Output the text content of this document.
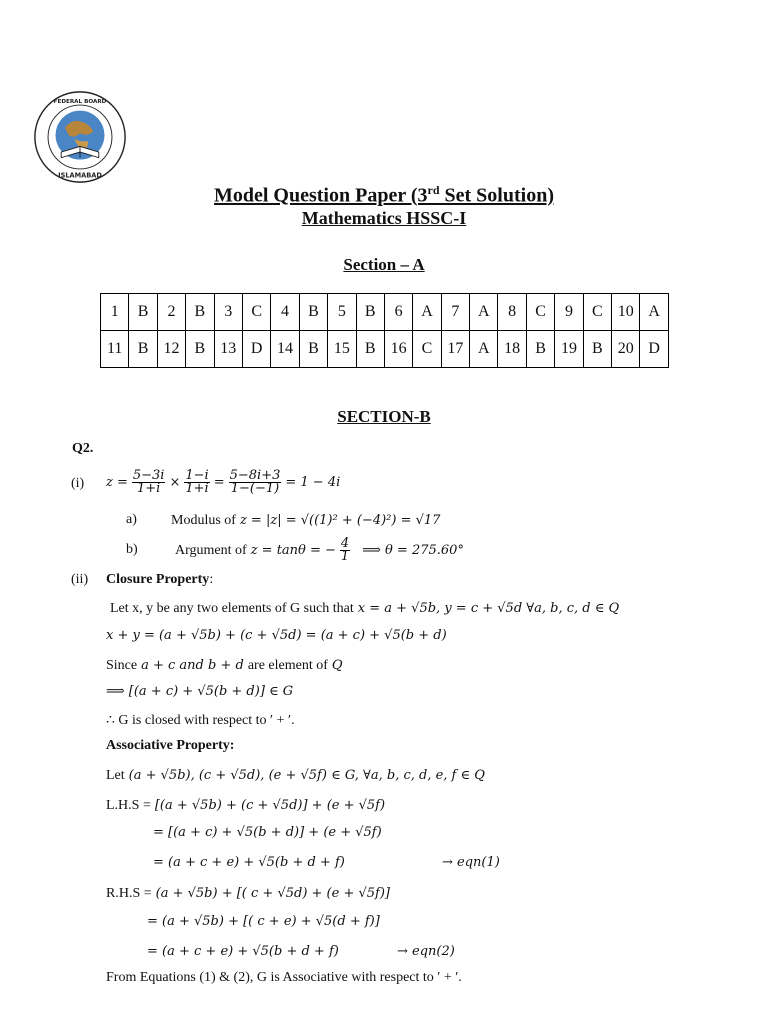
FEDERAL BOARD
ISLAMABAD
Model Question Paper (3rd Set Solution)
Mathematics HSSC-I
Section – A
1	B	2	B	3	C	4	B	5	B	6	A	7	A	8	C	9	C	10	A
11	B	12	B	13	D	14	B	15	B	16	C	17	A	18	B	19	B	20	D
SECTION-B
Q2.
(i) $z = \frac{5-3i}{1+i} \times \frac{1-i}{1+i} = \frac{5-8i+3}{1-(-1)} = 1 - 4i$
a) Modulus of z = |z| = √((1)² + (−4)²) = √17
b)	Argument of z = tanθ = − $\frac{4}{1}$ ⟹ θ = 275.60°
(ii) Closure Property:
Let x, y be any two elements of G such that x = a + √5b, y = c + √5d ∀a, b, c, d ∈ Q
x + y = (a + √5b) + (c + √5d) = (a + c) + √5(b + d)
Since a + c and b + d are element of Q
⟹ [(a + c) + √5(b + d)] ∈ G
∴ G is closed with respect to ′ + ′.
Associative Property:
Let (a + √5b), (c + √5d), (e + √5f) ∈ G, ∀a, b, c, d, e, f ∈ Q
L.H.S = [(a + √5b) + (c + √5d)] + (e + √5f)
= [(a + c) + √5(b + d)] + (e + √5f)
= (a + c + e) + √5(b + d + f)	→ eqn(1)
R.H.S = (a + √5b) + [( c + √5d) + (e + √5f)]
= (a + √5b) + [( c + e) + √5(d + f)]
= (a + c + e) + √5(b + d + f)	→ eqn(2)
From Equations (1) & (2), G is Associative with respect to ′ + ′.
